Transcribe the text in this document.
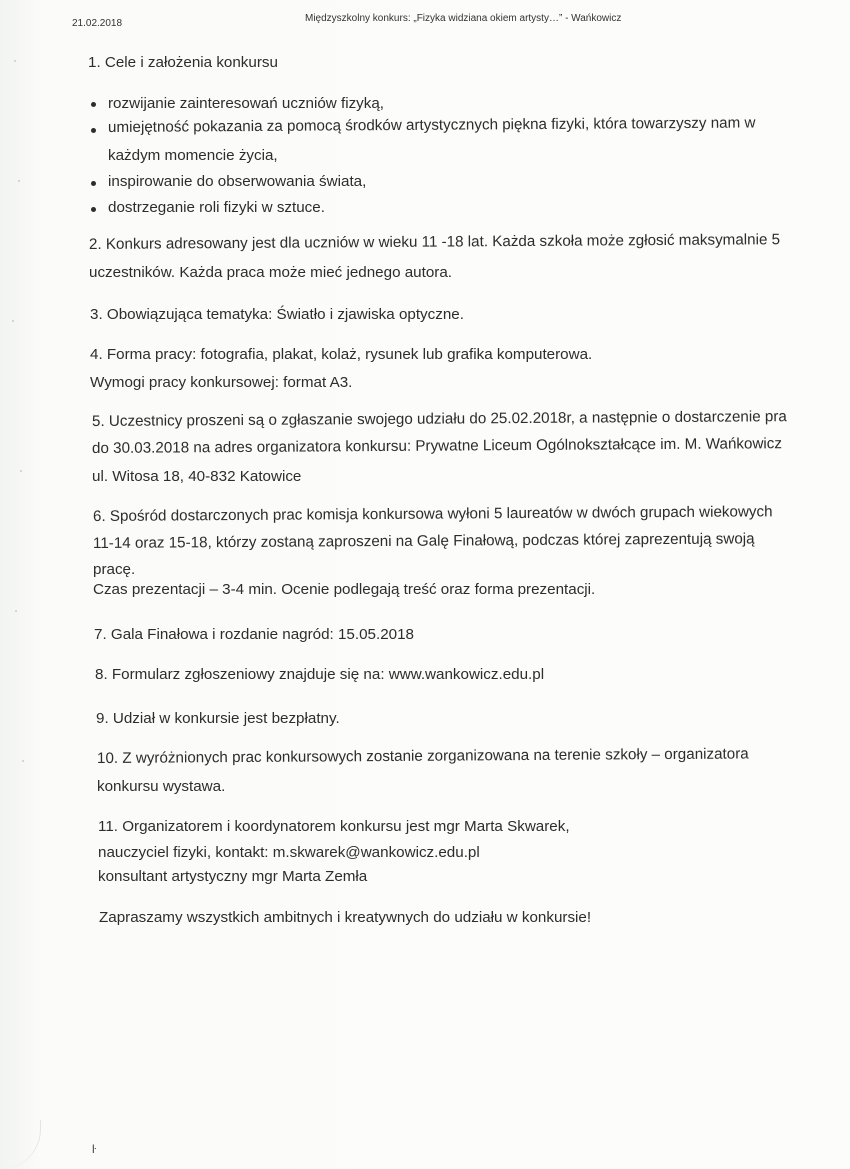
21.02.2018	Międzyszkolny konkurs: „Fizyka widziana okiem artysty…” - Wańkowicz
1. Cele i założenia konkursu
rozwijanie zainteresowań uczniów fizyką,
umiejętność pokazania za pomocą środków artystycznych piękna fizyki, która towarzyszy nam w
każdym momencie życia,
inspirowanie do obserwowania świata,
dostrzeganie roli fizyki w sztuce.
2. Konkurs adresowany jest dla uczniów w wieku 11 -18 lat. Każda szkoła może zgłosić maksymalnie 5
uczestników. Każda praca może mieć jednego autora.
3. Obowiązująca tematyka: Światło i zjawiska optyczne.
4. Forma pracy: fotografia, plakat, kolaż, rysunek lub grafika komputerowa.
Wymogi pracy konkursowej: format A3.
5. Uczestnicy proszeni są o zgłaszanie swojego udziału do 25.02.2018r, a następnie o dostarczenie pra
do 30.03.2018 na adres organizatora konkursu: Prywatne Liceum Ogólnokształcące im. M. Wańkowicz
ul. Witosa 18, 40-832 Katowice
6. Spośród dostarczonych prac komisja konkursowa wyłoni 5 laureatów w dwóch grupach wiekowych
11-14 oraz 15-18, którzy zostaną zaproszeni na Galę Finałową, podczas której zaprezentują swoją
pracę.
Czas prezentacji – 3-4 min. Ocenie podlegają treść oraz forma prezentacji.
7. Gala Finałowa i rozdanie nagród: 15.05.2018
8. Formularz zgłoszeniowy znajduje się na: www.wankowicz.edu.pl
9. Udział w konkursie jest bezpłatny.
10. Z wyróżnionych prac konkursowych zostanie zorganizowana na terenie szkoły – organizatora
konkursu wystawa.
11. Organizatorem i koordynatorem konkursu jest mgr Marta Skwarek,
nauczyciel fizyki, kontakt: m.skwarek@wankowicz.edu.pl
konsultant artystyczny mgr Marta Zemła
Zapraszamy wszystkich ambitnych i kreatywnych do udziału w konkursie!
ŀ
